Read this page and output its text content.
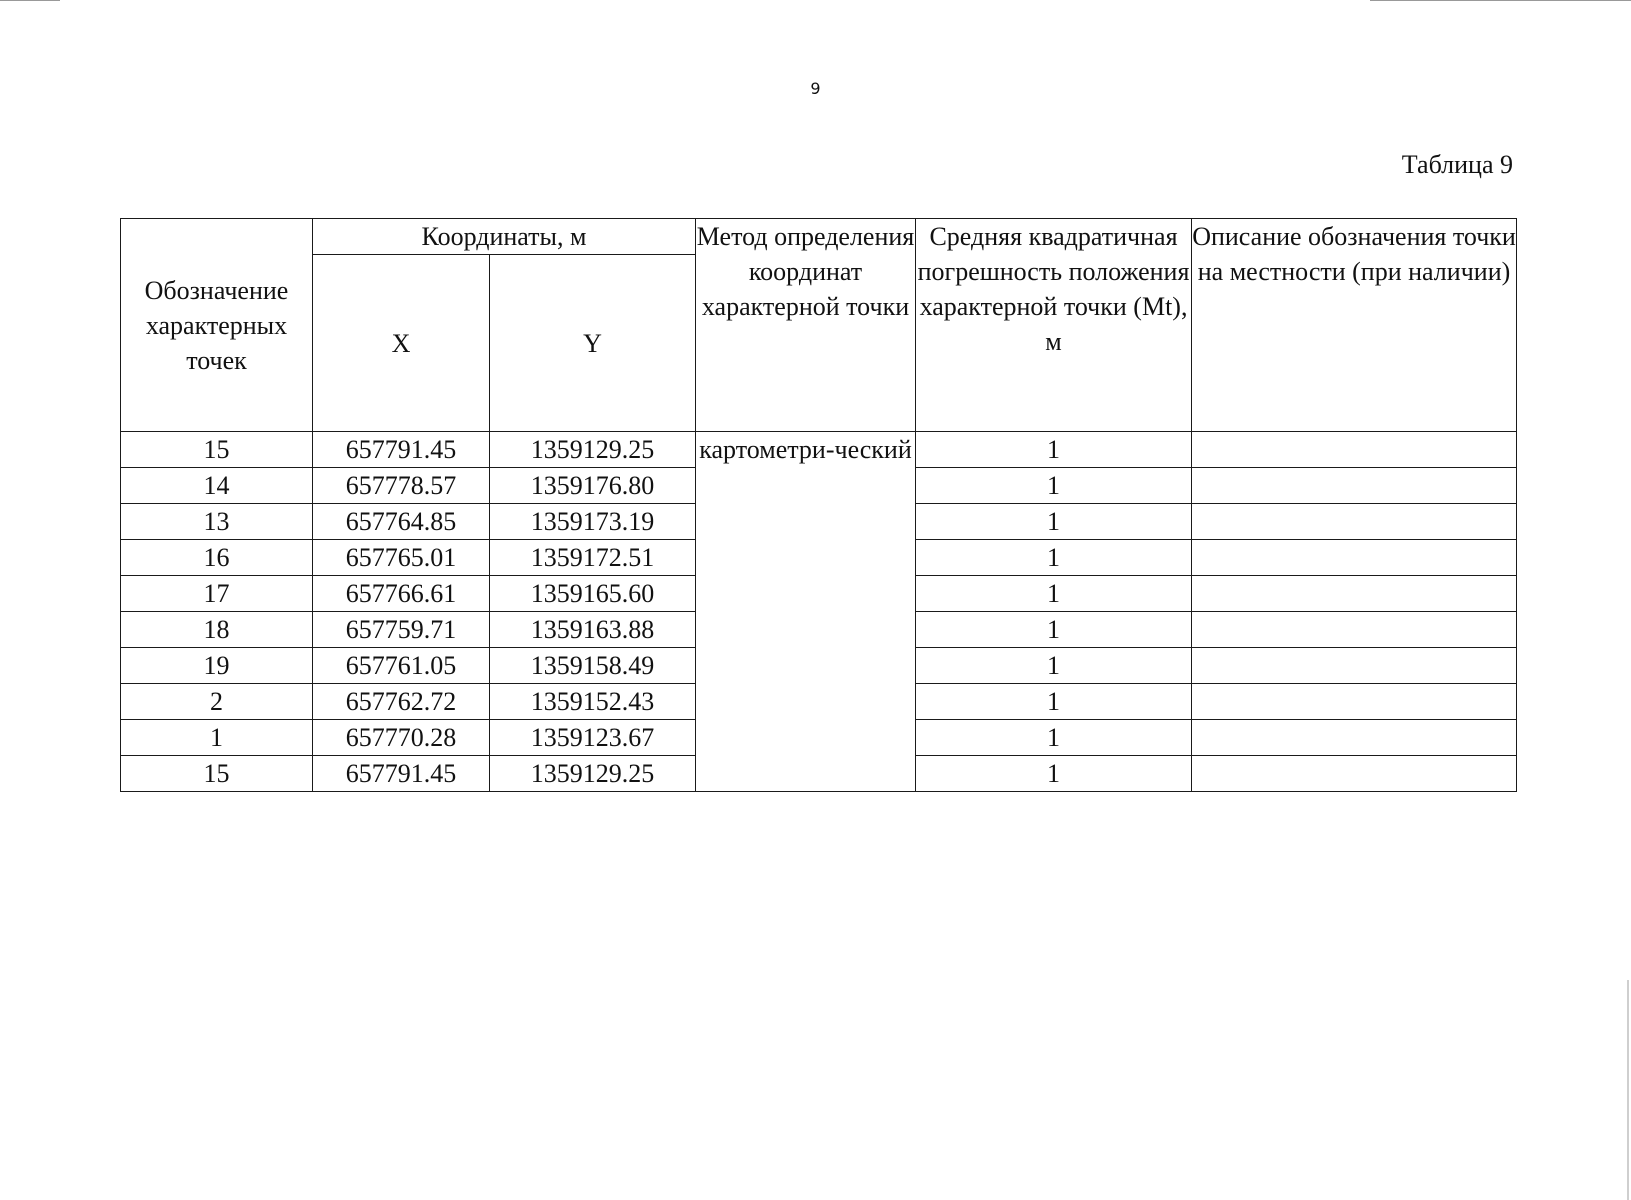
9
Таблица 9
Обозначение характерных точек	Координаты, м		Метод определения координат характерной точки	Средняя квадратичная погрешность положения характерной точки (Mt), м	Описание обозначения точки на местности (при наличии)
	X	Y			
15	657791.45	1359129.25	картометри-ческий	1	
14	657778.57	1359176.80		1	
13	657764.85	1359173.19		1	
16	657765.01	1359172.51		1	
17	657766.61	1359165.60		1	
18	657759.71	1359163.88		1	
19	657761.05	1359158.49		1	
2	657762.72	1359152.43		1	
1	657770.28	1359123.67		1	
15	657791.45	1359129.25		1	
